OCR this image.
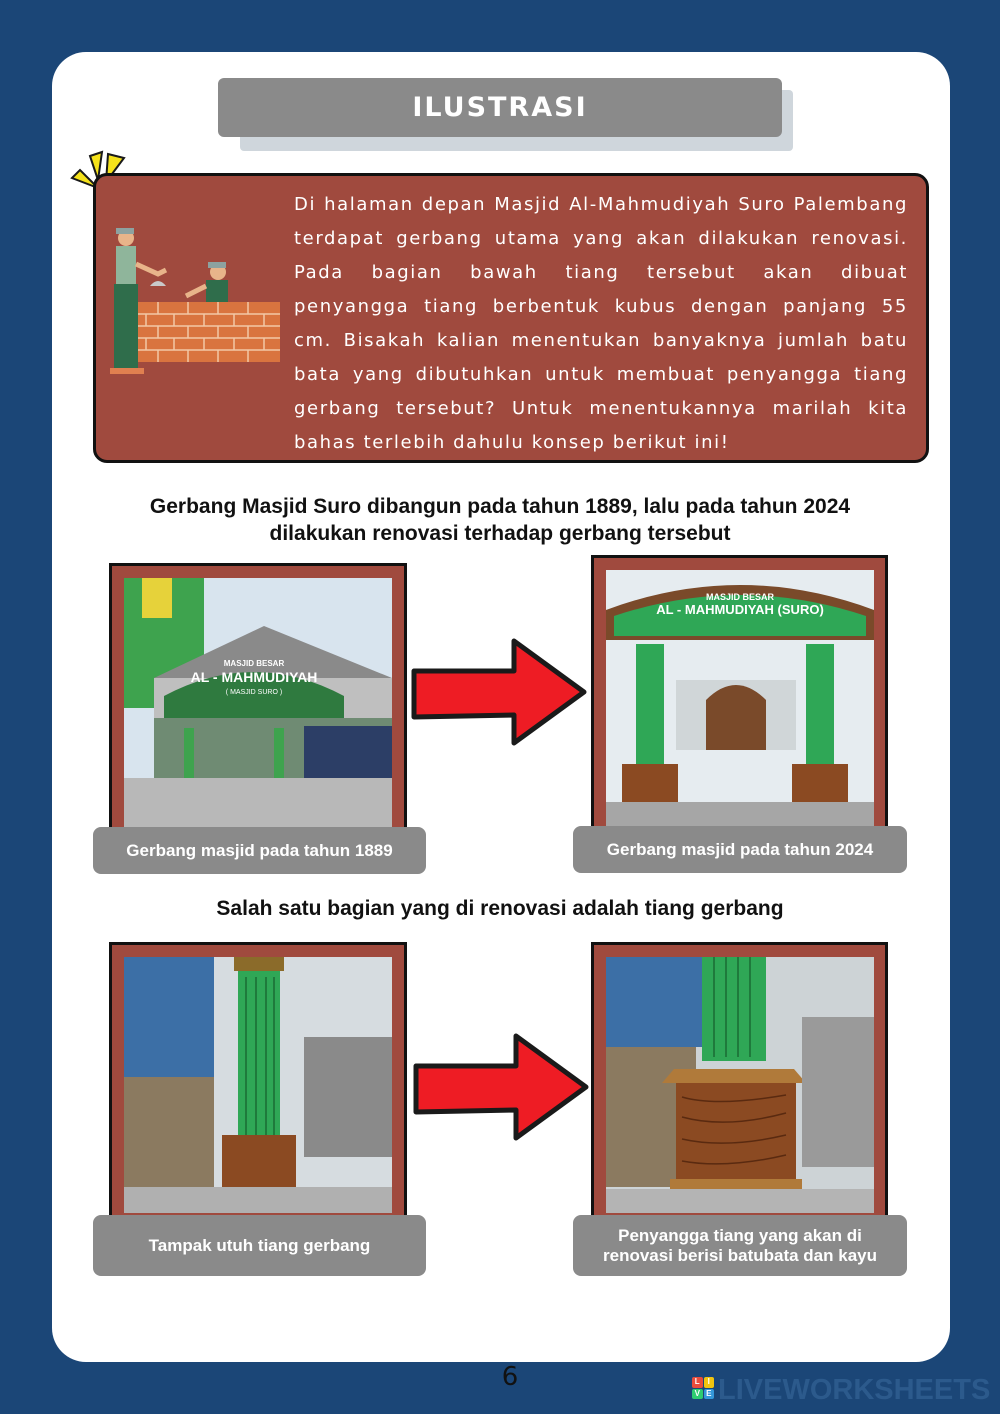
ILUSTRASI

Di halaman depan Masjid Al-Mahmudiyah Suro Palembang terdapat gerbang utama yang akan dilakukan renovasi. Pada bagian bawah tiang tersebut akan dibuat penyangga tiang berbentuk kubus dengan panjang 55 cm. Bisakah kalian menentukan banyaknya jumlah batu bata yang dibutuhkan untuk membuat penyangga tiang gerbang tersebut? Untuk menentukannya marilah kita bahas terlebih dahulu konsep berikut ini!

Gerbang Masjid Suro dibangun pada tahun 1889, lalu pada tahun 2024 dilakukan renovasi terhadap gerbang tersebut
MASJID BESAR
AL - MAHMUDIYAH
( MASJID SURO )
MASJID BESAR
AL - MAHMUDIYAH (SURO)
Gerbang masjid pada tahun 1889	Gerbang masjid pada tahun 2024
Salah satu bagian yang di renovasi adalah tiang gerbang
Tampak utuh tiang gerbang
Penyangga tiang yang akan di renovasi berisi batubata dan kayu
6	L I
V E LIVEWORKSHEETS
